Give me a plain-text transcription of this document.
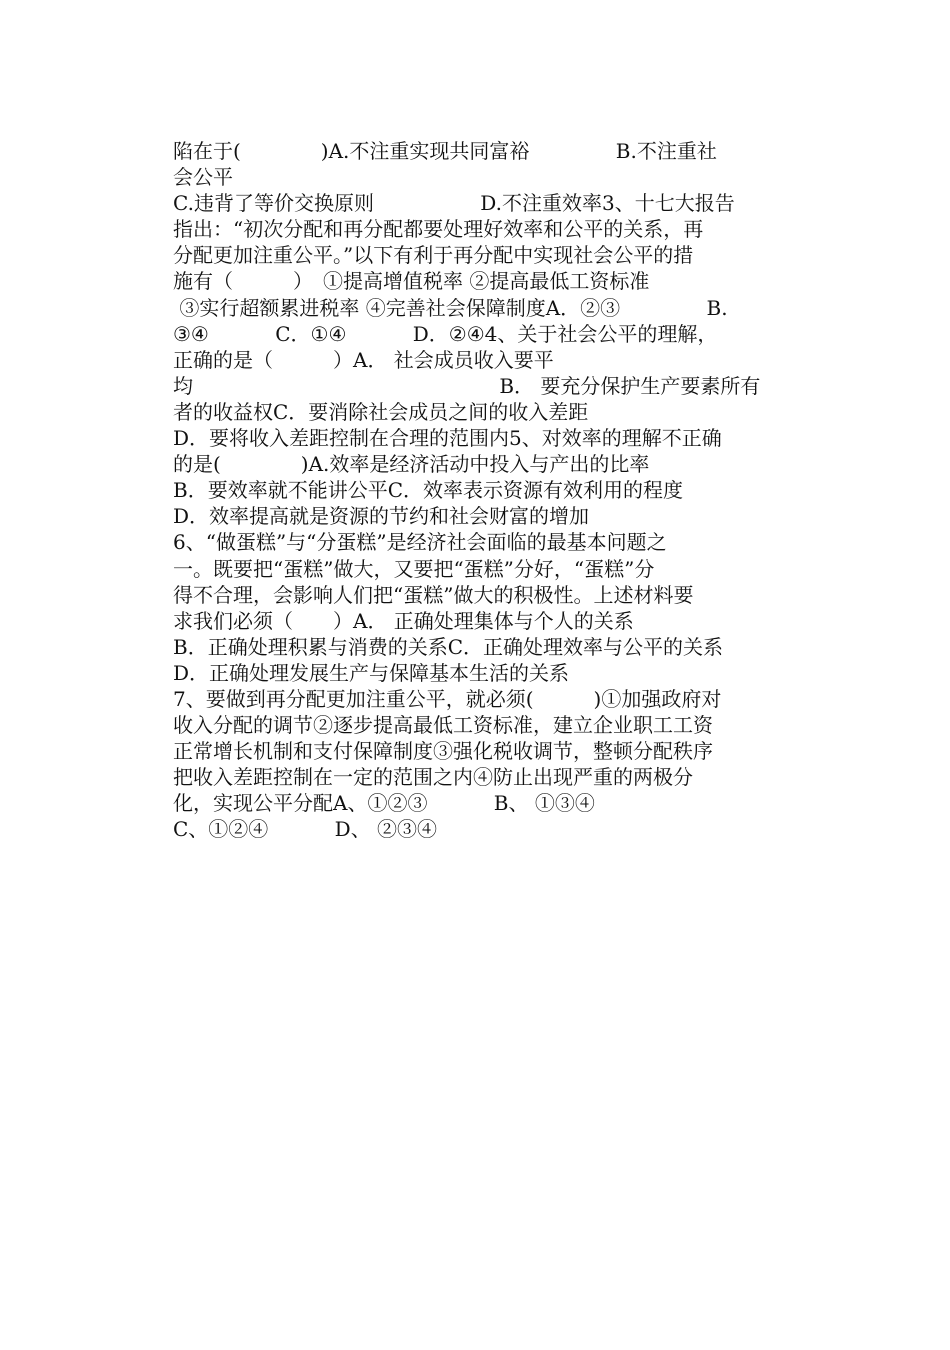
陷在于(　　　　)A.不注重实现共同富裕　　　　 B.不注重社
会公平
C.违背了等价交换原则　　　　　 D.不注重效率3、十七大报告
指出：“初次分配和再分配都要处理好效率和公平的关系，再
分配更加注重公平。”以下有利于再分配中实现社会公平的措
施有（　　　）　①提高增值税率 ②提高最低工资标准
③实行超额累进税率 ④完善社会保障制度A．②③　　　　 B.
③④　　　 C．①④　　　 D．②④4、关于社会公平的理解，
正确的是（　　　）A． 社会成员收入要平
均　　　　　　　　　　　　　　　 B． 要充分保护生产要素所有
者的收益权C．要消除社会成员之间的收入差距
D．要将收入差距控制在合理的范围内5、对效率的理解不正确
的是(　　　　)A.效率是经济活动中投入与产出的比率
B．要效率就不能讲公平C．效率表示资源有效利用的程度
D．效率提高就是资源的节约和社会财富的增加
6、“做蛋糕”与“分蛋糕”是经济社会面临的最基本问题之
一。既要把“蛋糕”做大，又要把“蛋糕”分好，“蛋糕”分
得不合理，会影响人们把“蛋糕”做大的积极性。上述材料要
求我们必须（　　）A． 正确处理集体与个人的关系
B．正确处理积累与消费的关系C．正确处理效率与公平的关系
D．正确处理发展生产与保障基本生活的关系
7、要做到再分配更加注重公平，就必须(　　　)①加强政府对
收入分配的调节②逐步提高最低工资标准，建立企业职工工资
正常增长机制和支付保障制度③强化税收调节，整顿分配秩序
把收入差距控制在一定的范围之内④防止出现严重的两极分
化，实现公平分配A、①②③　　　 B、 ①③④
C、①②④　　　 D、 ②③④
